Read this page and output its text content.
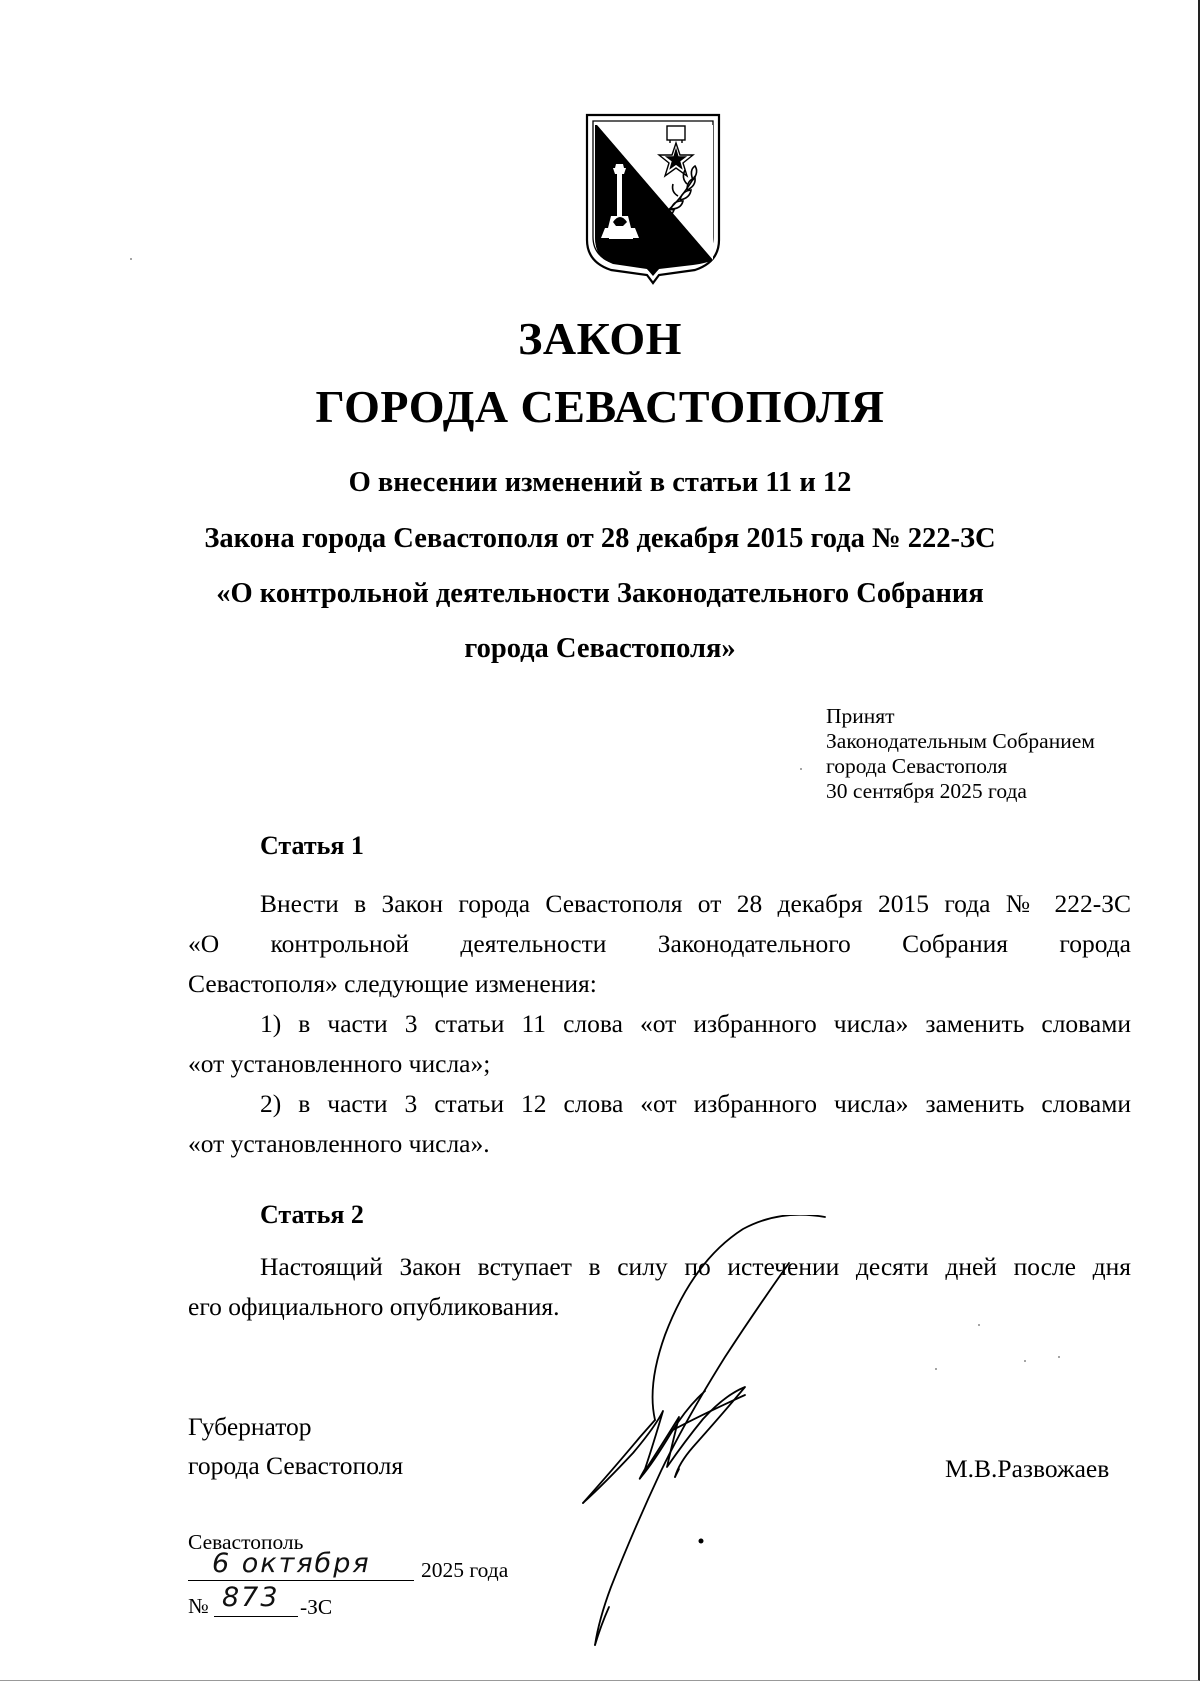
ЗАКОН
ГОРОДА СЕВАСТОПОЛЯ
О внесении изменений в статьи 11 и 12
Закона города Севастополя от 28 декабря 2015 года № 222-ЗС
«О контрольной деятельности Законодательного Собрания
города Севастополя»
Принят
Законодательным Собранием
города Севастополя
30 сентября 2025 года
Статья 1

Внести в Закон города Севастополя от 28 декабря 2015 года № 222-ЗС

«О контрольной деятельности Законодательного Собрания города

Севастополя» следующие изменения:

1) в части 3 статьи 11 слова «от избранного числа» заменить словами

«от установленного числа»;

2) в части 3 статьи 12 слова «от избранного числа» заменить словами

«от установленного числа».

Статья 2

Настоящий Закон вступает в силу по истечении десяти дней после дня

его официального опубликования.

Губернатор
города Севастополя	М.В.Развожаев
Севастополь
6 октября 2025 года
№ 873 -ЗС
